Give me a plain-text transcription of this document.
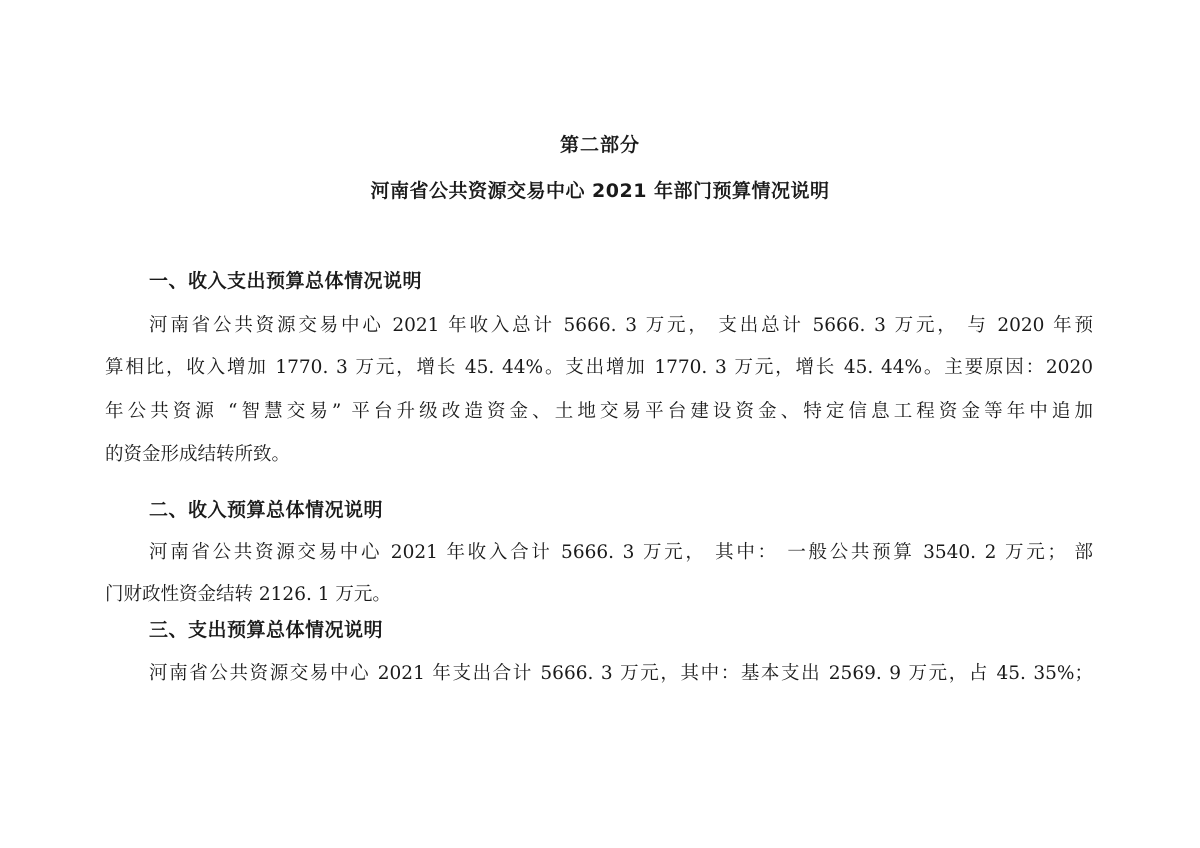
第二部分
河南省公共资源交易中心 2021 年部门预算情况说明
一、收入支出预算总体情况说明
河南省公共资源交易中心 2021 年收入总计 5666. 3 万元， 支出总计 5666. 3 万元， 与 2020 年预
算相比，收入增加 1770. 3 万元，增长 45. 44%。支出增加 1770. 3 万元，增长 45. 44%。主要原因：2020
年公共资源 “智慧交易” 平台升级改造资金、土地交易平台建设资金、特定信息工程资金等年中追加
的资金形成结转所致。
二、收入预算总体情况说明
河南省公共资源交易中心 2021 年收入合计 5666. 3 万元， 其中： 一般公共预算 3540. 2 万元； 部
门财政性资金结转 2126. 1 万元。
三、支出预算总体情况说明
河南省公共资源交易中心 2021 年支出合计 5666. 3 万元，其中：基本支出 2569. 9 万元，占 45. 35%；
